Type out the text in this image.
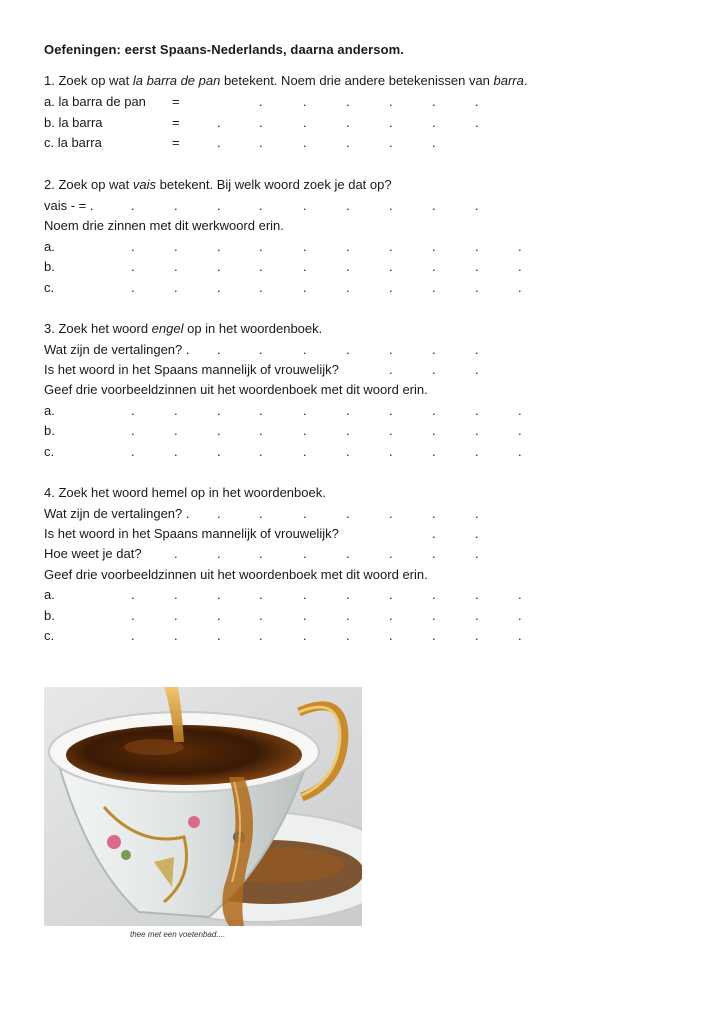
Oefeningen: eerst Spaans-Nederlands, daarna andersom.
1. Zoek op wat la barra de pan betekent. Noem drie andere betekenissen van barra.
a. la barra de pan =	.	.	.	.	.	.
b. la barra	=	.	.	.	.	.	.	.
c. la barra	=	.	.	.	.	.	.
2. Zoek op wat vais betekent. Bij welk woord zoek je dat op?
vais - = .	.	.	.	.	.	.	.	.	.
Noem drie zinnen met dit werkwoord erin.
a.	.	.	.	.	.	.	.	.	.	.
b.	.	.	.	.	.	.	.	.	.	.
c.	.	.	.	.	.	.	.	.	.	.
3. Zoek het woord engel op in het woordenboek.
Wat zijn de vertalingen? . .	.	.	.	.	.	.
Is het woord in het Spaans mannelijk of vrouwelijk?	.	.	.
Geef drie voorbeeldzinnen uit het woordenboek met dit woord erin.
a.	.	.	.	.	.	.	.	.	.	.
b.	.	.	.	.	.	.	.	.	.	.
c.	.	.	.	.	.	.	.	.	.	.
4. Zoek het woord hemel op in het woordenboek.
Wat zijn de vertalingen? . .	.	.	.	.	.	.
Is het woord in het Spaans mannelijk of vrouwelijk?	.	.
Hoe weet je dat? .	.	.	.	.	.	.	.
Geef drie voorbeeldzinnen uit het woordenboek met dit woord erin.
a.	.	.	.	.	.	.	.	.	.	.
b.	.	.	.	.	.	.	.	.	.	.
c.	.	.	.	.	.	.	.	.	.	.
thee met een voetenbad....
